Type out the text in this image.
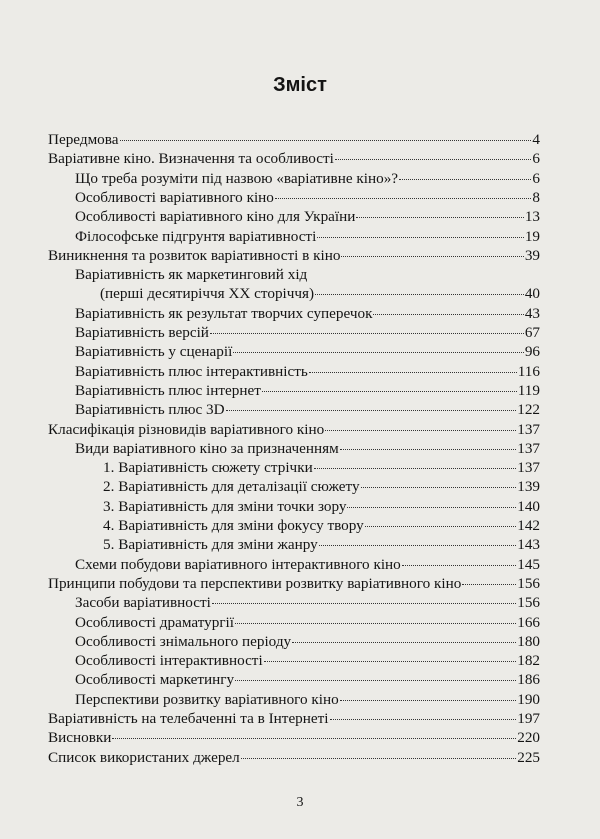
Зміст
Передмова	4
Варіативне кіно. Визначення та особливості	6
Що треба розуміти під назвою «варіативне кіно»?	6
Особливості варіативного кіно	8
Особливості варіативного кіно для України	13
Філософське підгрунтя варіативності	19
Виникнення та розвиток варіативності в кіно	39
Варіативність як маркетинговий хід
(перші десятиріччя ХХ сторіччя)	40
Варіативність як результат творчих суперечок	43
Варіативність версій	67
Варіативність у сценарії	96
Варіативність плюс інтерактивність	116
Варіативність плюс інтернет	119
Варіативність плюс 3D	122
Класифікація різновидів варіативного кіно	137
Види варіативного кіно за призначенням	137
1. Варіативність сюжету стрічки	137
2. Варіативність для деталізації сюжету	139
3. Варіативність для зміни точки зору	140
4. Варіативність для зміни фокусу твору	142
5. Варіативність для зміни жанру	143
Схеми побудови варіативного інтерактивного кіно	145
Принципи побудови та перспективи розвитку варіативного кіно	156
Засоби варіативності	156
Особливості драматургії	166
Особливості знімального періоду	180
Особливості інтерактивності	182
Особливості маркетингу	186
Перспективи розвитку варіативного кіно	190
Варіативність на телебаченні та в Інтернеті	197
Висновки	220
Список використаних джерел	225
3
